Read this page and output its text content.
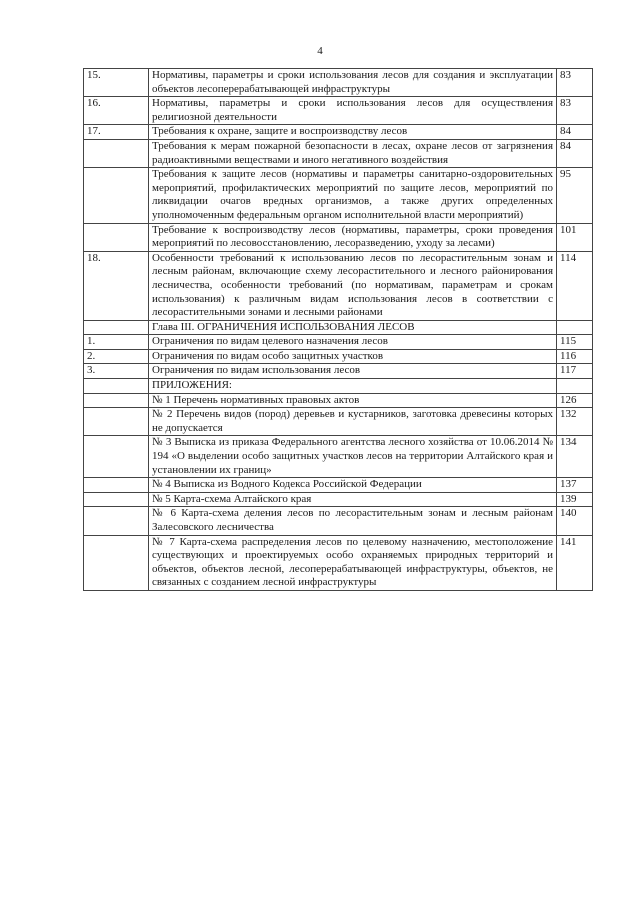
4
15.	Нормативы, параметры и сроки использования лесов для создания и эксплуатации объектов лесоперерабатывающей инфраструктуры	83
16.	Нормативы, параметры и сроки использования лесов для осуществления религиозной деятельности	83
17.	Требования к охране, защите и воспроизводству лесов	84
	Требования к мерам пожарной безопасности в лесах, охране лесов от загрязнения радиоактивными веществами и иного негативного воздействия	84
	Требования к защите лесов (нормативы и параметры санитарно-оздоровительных мероприятий, профилактических мероприятий по защите лесов, мероприятий по ликвидации очагов вредных организмов, а также других определенных уполномоченным федеральным органом исполнительной власти мероприятий)	95
	Требование к воспроизводству лесов (нормативы, параметры, сроки проведения мероприятий по лесовосстановлению, лесоразведению, уходу за лесами)	101
18.	Особенности требований к использованию лесов по лесорастительным зонам и лесным районам, включающие схему лесорастительного и лесного районирования лесничества, особенности требований (по нормативам, параметрам и срокам использования) к различным видам использования лесов в соответствии с лесорастительными зонами и лесными районами	114
	Глава III. ОГРАНИЧЕНИЯ ИСПОЛЬЗОВАНИЯ ЛЕСОВ	
1.	Ограничения по видам целевого назначения лесов	115
2.	Ограничения по видам особо защитных участков	116
3.	Ограничения по видам использования лесов	117
	ПРИЛОЖЕНИЯ:	
	№ 1 Перечень нормативных правовых актов	126
	№ 2 Перечень видов (пород) деревьев и кустарников, заготовка древесины которых не допускается	132
	№ 3 Выписка из приказа Федерального агентства лесного хозяйства от 10.06.2014 № 194 «О выделении особо защитных участков лесов на территории Алтайского края и установлении их границ»	134
	№ 4 Выписка из Водного Кодекса Российской Федерации	137
	№ 5 Карта-схема Алтайского края	139
	№ 6 Карта-схема деления лесов по лесорастительным зонам и лесным районам Залесовского лесничества	140
	№ 7 Карта-схема распределения лесов по целевому назначению, местоположение существующих и проектируемых особо охраняемых природных территорий и объектов, объектов лесной, лесоперерабатывающей инфраструктуры, объектов, не связанных с созданием лесной инфраструктуры	141
